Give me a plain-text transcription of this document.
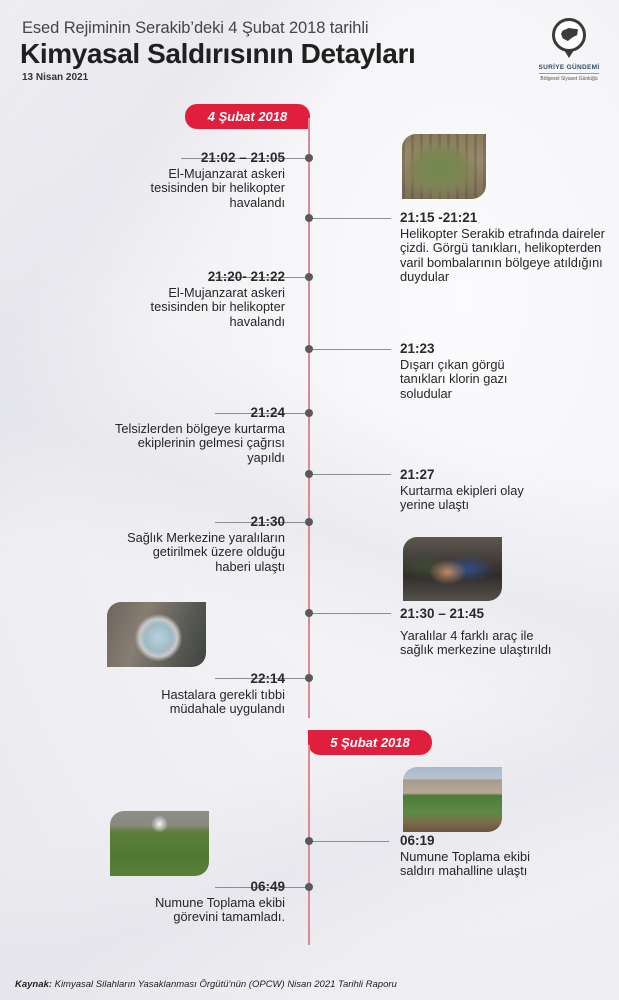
Esed Rejiminin Serakib’deki 4 Şubat 2018 tarihli
Kimyasal Saldırısının Detayları
13 Nisan 2021
SURİYE GÜNDEMİ
Bölgesel Siyaset Günlüğü
4 Şubat 2018
21:02 – 21:05
El-Mujanzarat askeri tesisinden bir helikopter havalandı
21:15 -21:21
Helikopter Serakib etrafında daireler çizdi. Görgü tanıkları, helikopterden varil bombalarının bölgeye atıldığını duydular
21:20- 21:22
El-Mujanzarat askeri tesisinden bir helikopter havalandı
21:23
Dışarı çıkan görgü tanıkları klorin gazı soludular
21:24
Telsizlerden bölgeye kurtarma ekiplerinin gelmesi çağrısı yapıldı
21:27
Kurtarma ekipleri olay yerine ulaştı
21:30
Sağlık Merkezine yaralıların getirilmek üzere olduğu haberi ulaştı
21:30 – 21:45
Yaralılar 4 farklı araç ile sağlık merkezine ulaştırıldı
22:14
Hastalara gerekli tıbbi müdahale uygulandı
5 Şubat 2018
06:19
Numune Toplama ekibi saldırı mahalline ulaştı
06:49
Numune Toplama ekibi görevini tamamladı.
Kaynak: Kimyasal Silahların Yasaklanması Örgütü'nün (OPCW) Nisan 2021 Tarihli Raporu
